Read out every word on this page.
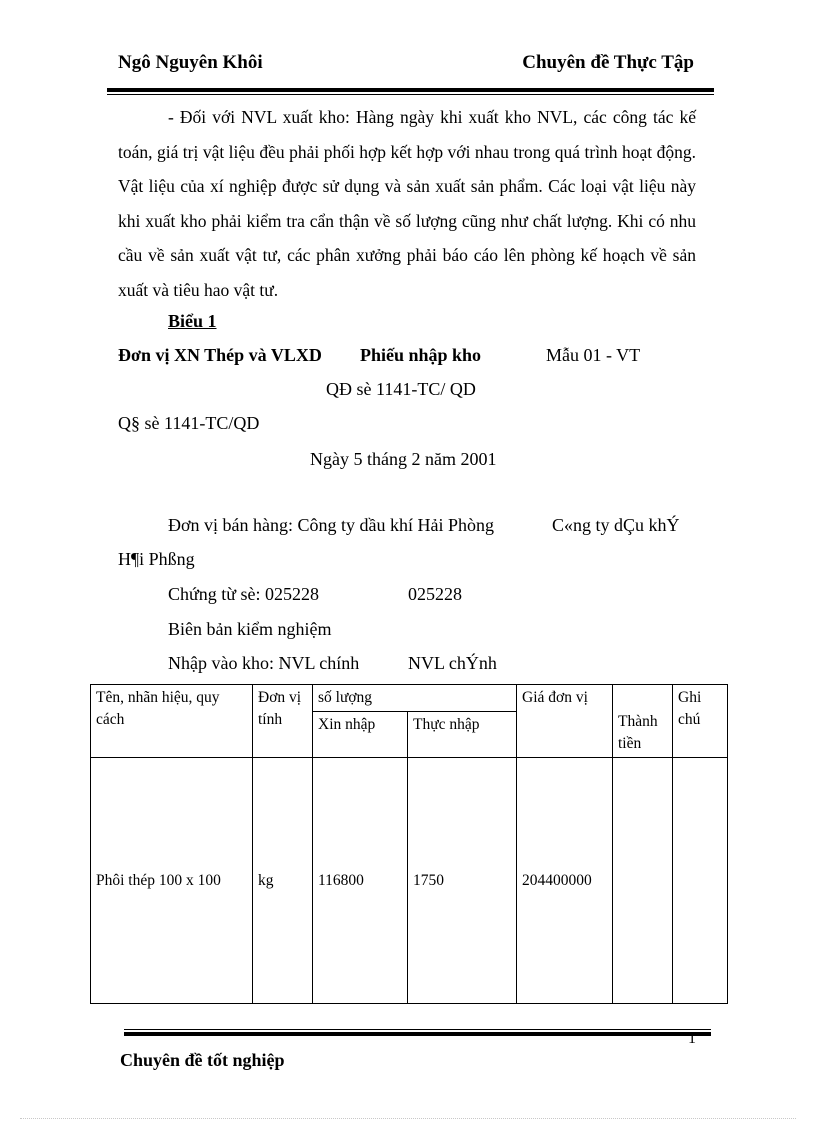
Ngô Nguyên Khôi	Chuyên đề Thực Tập

- Đối với NVL xuất kho: Hàng ngày khi xuất kho NVL, các công tác kế toán, giá trị vật liệu đều phải phối hợp kết hợp với nhau trong quá trình hoạt động. Vật liệu của xí nghiệp được sử dụng và sản xuất sản phẩm. Các loại vật liệu này khi xuất kho phải kiểm tra cẩn thận về số lượng cũng như chất lượng. Khi có nhu cầu về sản xuất vật tư, các phân xưởng phải báo cáo lên phòng kế hoạch về sản xuất và tiêu hao vật tư.

Biểu 1
Đơn vị XN Thép và VLXD Phiếu nhập kho	Mẫu 01 - VT
QĐ sè 1141-TC/ QD
Q§ sè 1141-TC/QD
Ngày 5 tháng 2 năm 2001
Đơn vị bán hàng: Công ty dầu khí Hải Phòng	C«ng ty dÇu khÝ
H¶i Phßng
Chứng từ sè: 025228	025228
Biên bản kiểm nghiệm
Nhập vào kho: NVL chính	NVL chÝnh
Tên, nhãn hiệu, quy cách	Đơn vị tính	số lượng		Giá đơn vị	Thành tiền	Ghi chú
		Xin nhập	Thực nhập			
Phôi thép 100 x 100	kg	116800	1750	204400000		
1
Chuyên đề tốt nghiệp
